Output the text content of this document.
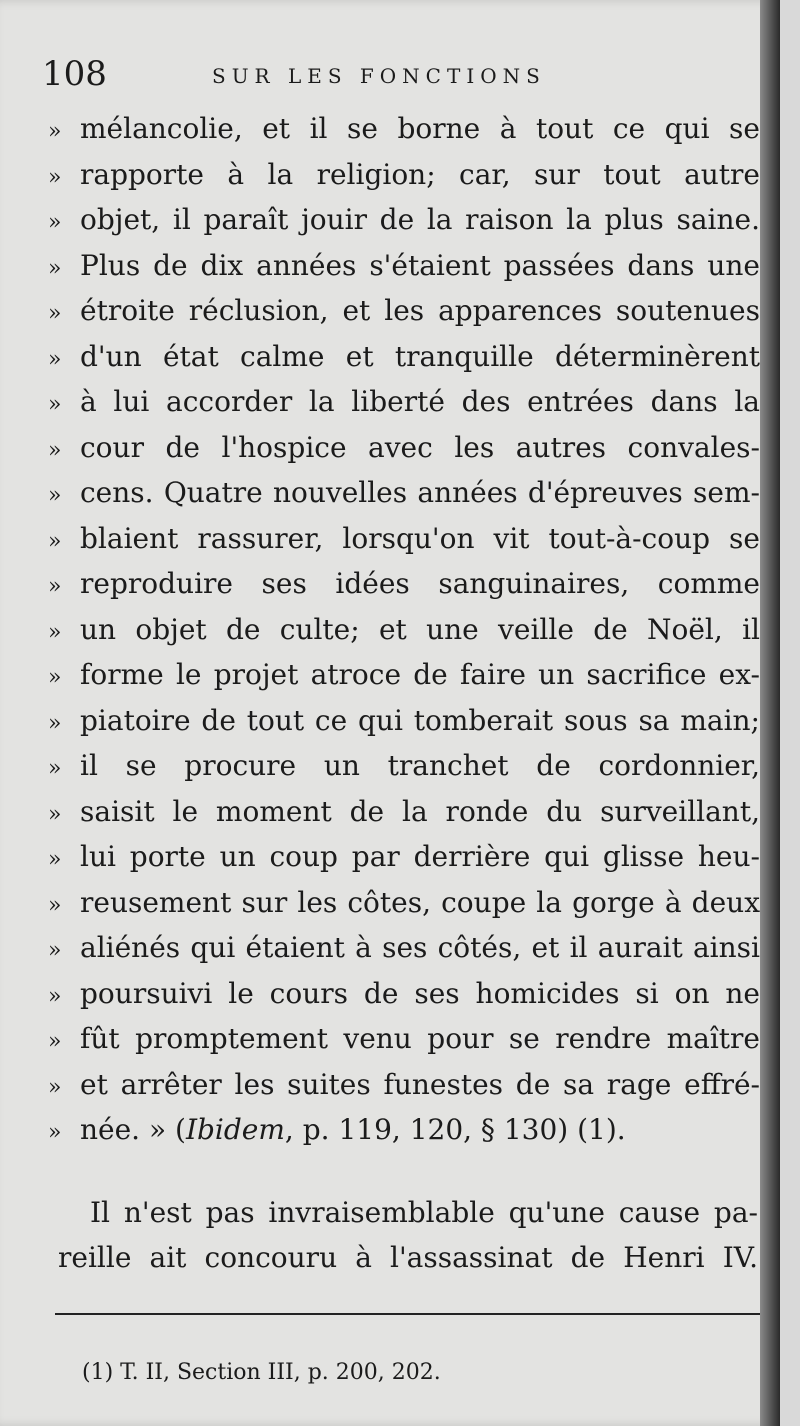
108	SUR LES FONCTIONS
» mélancolie, et il se borne à tout ce qui se
» rapporte à la religion; car, sur tout autre
» objet, il paraît jouir de la raison la plus saine.
» Plus de dix années s'étaient passées dans une
» étroite réclusion, et les apparences soutenues
» d'un état calme et tranquille déterminèrent
» à lui accorder la liberté des entrées dans la
» cour de l'hospice avec les autres convales-
» cens. Quatre nouvelles années d'épreuves sem-
» blaient rassurer, lorsqu'on vit tout-à-coup se
» reproduire ses idées sanguinaires, comme
» un objet de culte; et une veille de Noël, il
» forme le projet atroce de faire un sacrifice ex-
» piatoire de tout ce qui tomberait sous sa main;
» il se procure un tranchet de cordonnier,
» saisit le moment de la ronde du surveillant,
» lui porte un coup par derrière qui glisse heu-
» reusement sur les côtes, coupe la gorge à deux
» aliénés qui étaient à ses côtés, et il aurait ainsi
» poursuivi le cours de ses homicides si on ne
» fût promptement venu pour se rendre maître
» et arrêter les suites funestes de sa rage effré-
» née. » (Ibidem, p. 119, 120, § 130) (1).
Il n'est pas invraisemblable qu'une cause pa-
reille ait concouru à l'assassinat de Henri IV.
(1) T. II, Section III, p. 200, 202.
